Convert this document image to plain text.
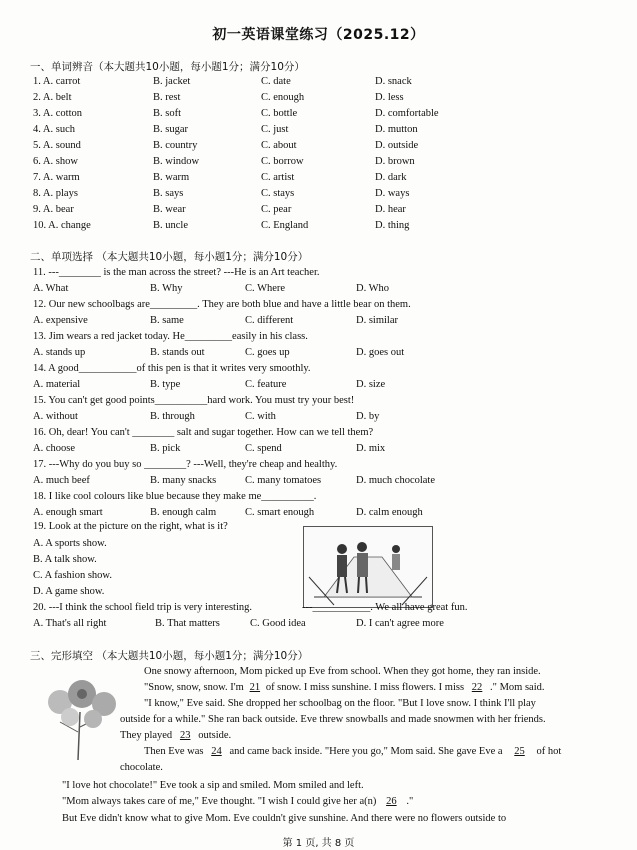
初一英语课堂练习（2025.12）
一、单词辨音（本大题共10小题，每小题1分；满分10分）
1. A. carrot	B. jacket	C. date	D. snack
2. A. belt	B. rest	C. enough	D. less
3. A. cotton	B. soft	C. bottle	D. comfortable
4. A. such	B. sugar	C. just	D. mutton
5. A. sound	B. country	C. about	D. outside
6. A. show	B. window	C. borrow	D. brown
7. A. warm	B. warm	C. artist	D. dark
8. A. plays	B. says	C. stays	D. ways
9. A. bear	B. wear	C. pear	D. hear
10. A. change	B. uncle	C. England	D. thing
二、单项选择 （本大题共10小题，每小题1分；满分10分）
11. ---________ is the man across the street? ---He is an Art teacher.
A. What	B. Why	C. Where	D. Who
12. Our new schoolbags are_________. They are both blue and have a little bear on them.
A. expensive	B. same	C. different	D. similar
13. Jim wears a red jacket today. He_________easily in his class.
A. stands up	B. stands out	C. goes up	D. goes out
14. A good___________of this pen is that it writes very smoothly.
A. material	B. type	C. feature	D. size
15. You can't get good points__________hard work. You must try your best!
A. without	B. through	C. with	D. by
16. Oh, dear! You can't ________ salt and sugar together. How can we tell them?
A. choose	B. pick	C. spend	D. mix
17. ---Why do you buy so ________? ---Well, they're cheap and healthy.
A. much beef	B. many snacks	C. many tomatoes	D. much chocolate
18. I like cool colours like blue because they make me__________.
A. enough smart	B. enough calm	C. smart enough	D. calm enough
19. Look at the picture on the right, what is it?
A. A sports show.
B. A talk show.
C. A fashion show.
D. A game show.
20. ---I think the school field trip is very interesting.	---___________. We all have great fun.
A. That's all right	B. That matters	C. Good idea	D. I can't agree more
三、完形填空 （本大题共10小题，每小题1分；满分10分）
One snowy afternoon, Mom picked up Eve from school. When they got home, they ran inside.
"Snow, snow, snow. I'm 21 of snow. I miss sunshine. I miss flowers. I miss 22 ." Mom said.
"I know," Eve said. She dropped her schoolbag on the floor. "But I love snow. I think I'll play
outside for a while." She ran back outside. Eve threw snowballs and made snowmen with her friends.
They played 23 outside.
Then Eve was 24 and came back inside. "Here you go," Mom said. She gave Eve a 25 of hot
chocolate.
"I love hot chocolate!" Eve took a sip and smiled. Mom smiled and left.
"Mom always takes care of me," Eve thought. "I wish I could give her a(n) 26 ."
But Eve didn't know what to give Mom. Eve couldn't give sunshine. And there were no flowers outside to
第 1 页, 共 8 页
